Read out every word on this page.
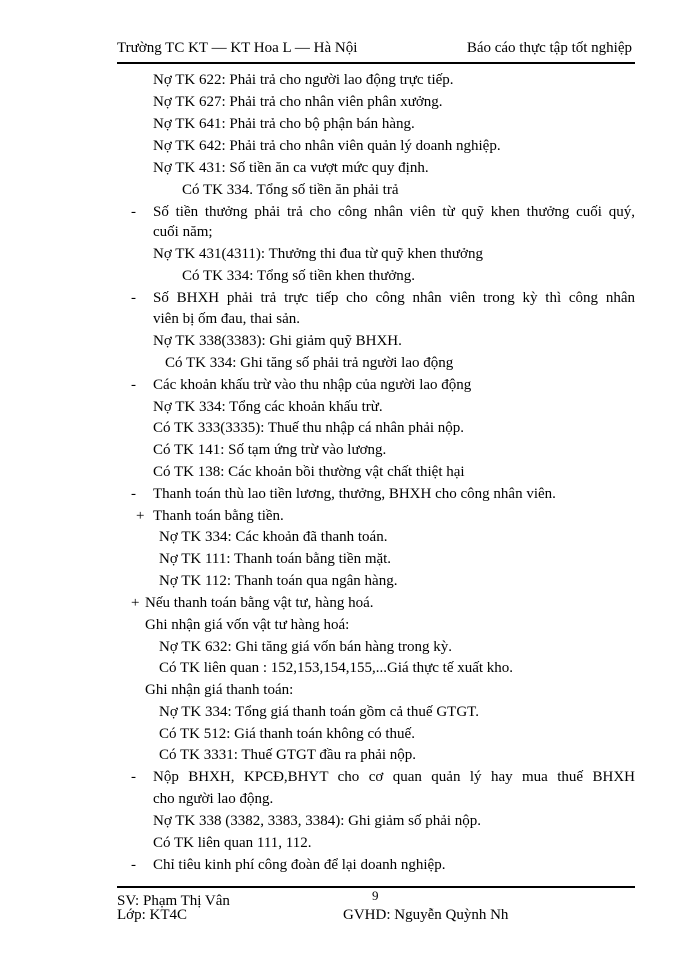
Trường TC KT — KT Hoa L — Hà Nội	Báo cáo thực tập tốt nghiệp
Nợ TK 622: Phải trả cho người lao động trực tiếp.
Nợ TK 627: Phải trả cho nhân viên phân xưởng.
Nợ TK 641: Phải trả cho bộ phận bán hàng.
Nợ TK 642: Phải trả cho nhân viên quản lý doanh nghiệp.
Nợ TK 431: Số tiền ăn ca vượt mức quy định.
Có TK 334. Tổng số tiền ăn phải trả
- Số tiền thưởng phải trả cho công nhân viên từ quỹ khen thưởng cuối quý,
cuối năm;
Nợ TK 431(4311): Thưởng thi đua từ quỹ khen thưởng
Có TK 334: Tổng số tiền khen thưởng.
- Số BHXH phải trả trực tiếp cho công nhân viên trong kỳ thì công nhân
viên bị ốm đau, thai sản.
Nợ TK 338(3383): Ghi giảm quỹ BHXH.
Có TK 334: Ghi tăng số phải trả người lao động
- Các khoản khấu trừ vào thu nhập của người lao động
Nợ TK 334: Tổng các khoản khấu trừ.
Có TK 333(3335): Thuế thu nhập cá nhân phải nộp.
Có TK 141: Số tạm ứng trừ vào lương.
Có TK 138: Các khoản bồi thường vật chất thiệt hại
- Thanh toán thù lao tiền lương, thưởng, BHXH cho công nhân viên.
+ Thanh toán bằng tiền.
Nợ TK 334: Các khoản đã thanh toán.
Nợ TK 111: Thanh toán bằng tiền mặt.
Nợ TK 112: Thanh toán qua ngân hàng.
+ Nếu thanh toán bằng vật tư, hàng hoá.
Ghi nhận giá vốn vật tư hàng hoá:
Nợ TK 632: Ghi tăng giá vốn bán hàng trong kỳ.
Có TK liên quan : 152,153,154,155,...Giá thực tế xuất kho.
Ghi nhận giá thanh toán:
Nợ TK 334: Tổng giá thanh toán gồm cả thuế GTGT.
Có TK 512: Giá thanh toán không có thuế.
Có TK 3331: Thuế GTGT đầu ra phải nộp.
- Nộp BHXH, KPCĐ,BHYT cho cơ quan quản lý hay mua thuế BHXH
cho người lao động.
Nợ TK 338 (3382, 3383, 3384): Ghi giảm số phải nộp.
Có TK liên quan 111, 112.
- Chỉ tiêu kinh phí công đoàn để lại doanh nghiệp.
9
SV: Phạm Thị Vân
Lớp: KT4C	GVHD: Nguyễn Quỳnh Nh
